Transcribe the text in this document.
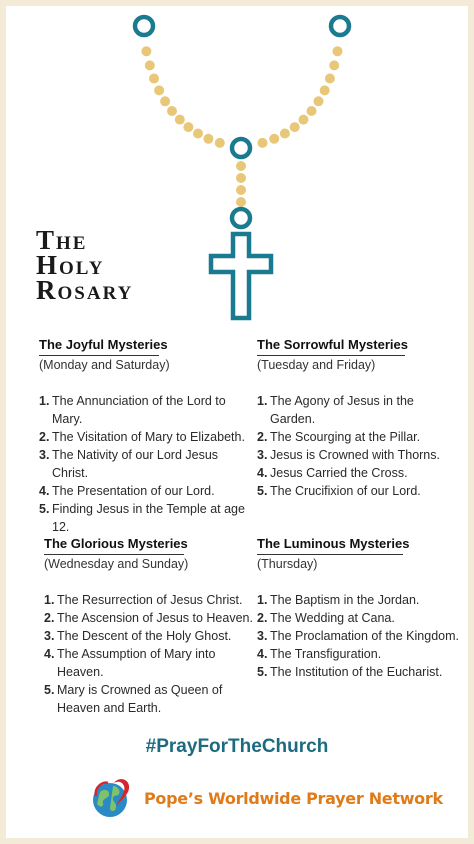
The
Holy
Rosary
The Joyful Mysteries
(Monday and Saturday)
1. The Annunciation of the Lord to Mary.
2. The Visitation of Mary to Elizabeth.
3. The Nativity of our Lord Jesus Christ.
4. The Presentation of our Lord.
5. Finding Jesus in the Temple at age 12.
The Sorrowful Mysteries
(Tuesday and Friday)
1. The Agony of Jesus in the Garden.
2. The Scourging at the Pillar.
3. Jesus is Crowned with Thorns.
4. Jesus Carried the Cross.
5. The Crucifixion of our Lord.
The Glorious Mysteries
(Wednesday and Sunday)
1. The Resurrection of Jesus Christ.
2. The Ascension of Jesus to Heaven.
3. The Descent of the Holy Ghost.
4. The Assumption of Mary into Heaven.
5. Mary is Crowned as Queen of Heaven and Earth.
The Luminous Mysteries
(Thursday)
1. The Baptism in the Jordan.
2. The Wedding at Cana.
3. The Proclamation of the Kingdom.
4. The Transfiguration.
5. The Institution of the Eucharist.
#PrayForTheChurch
Pope’s Worldwide Prayer Network
